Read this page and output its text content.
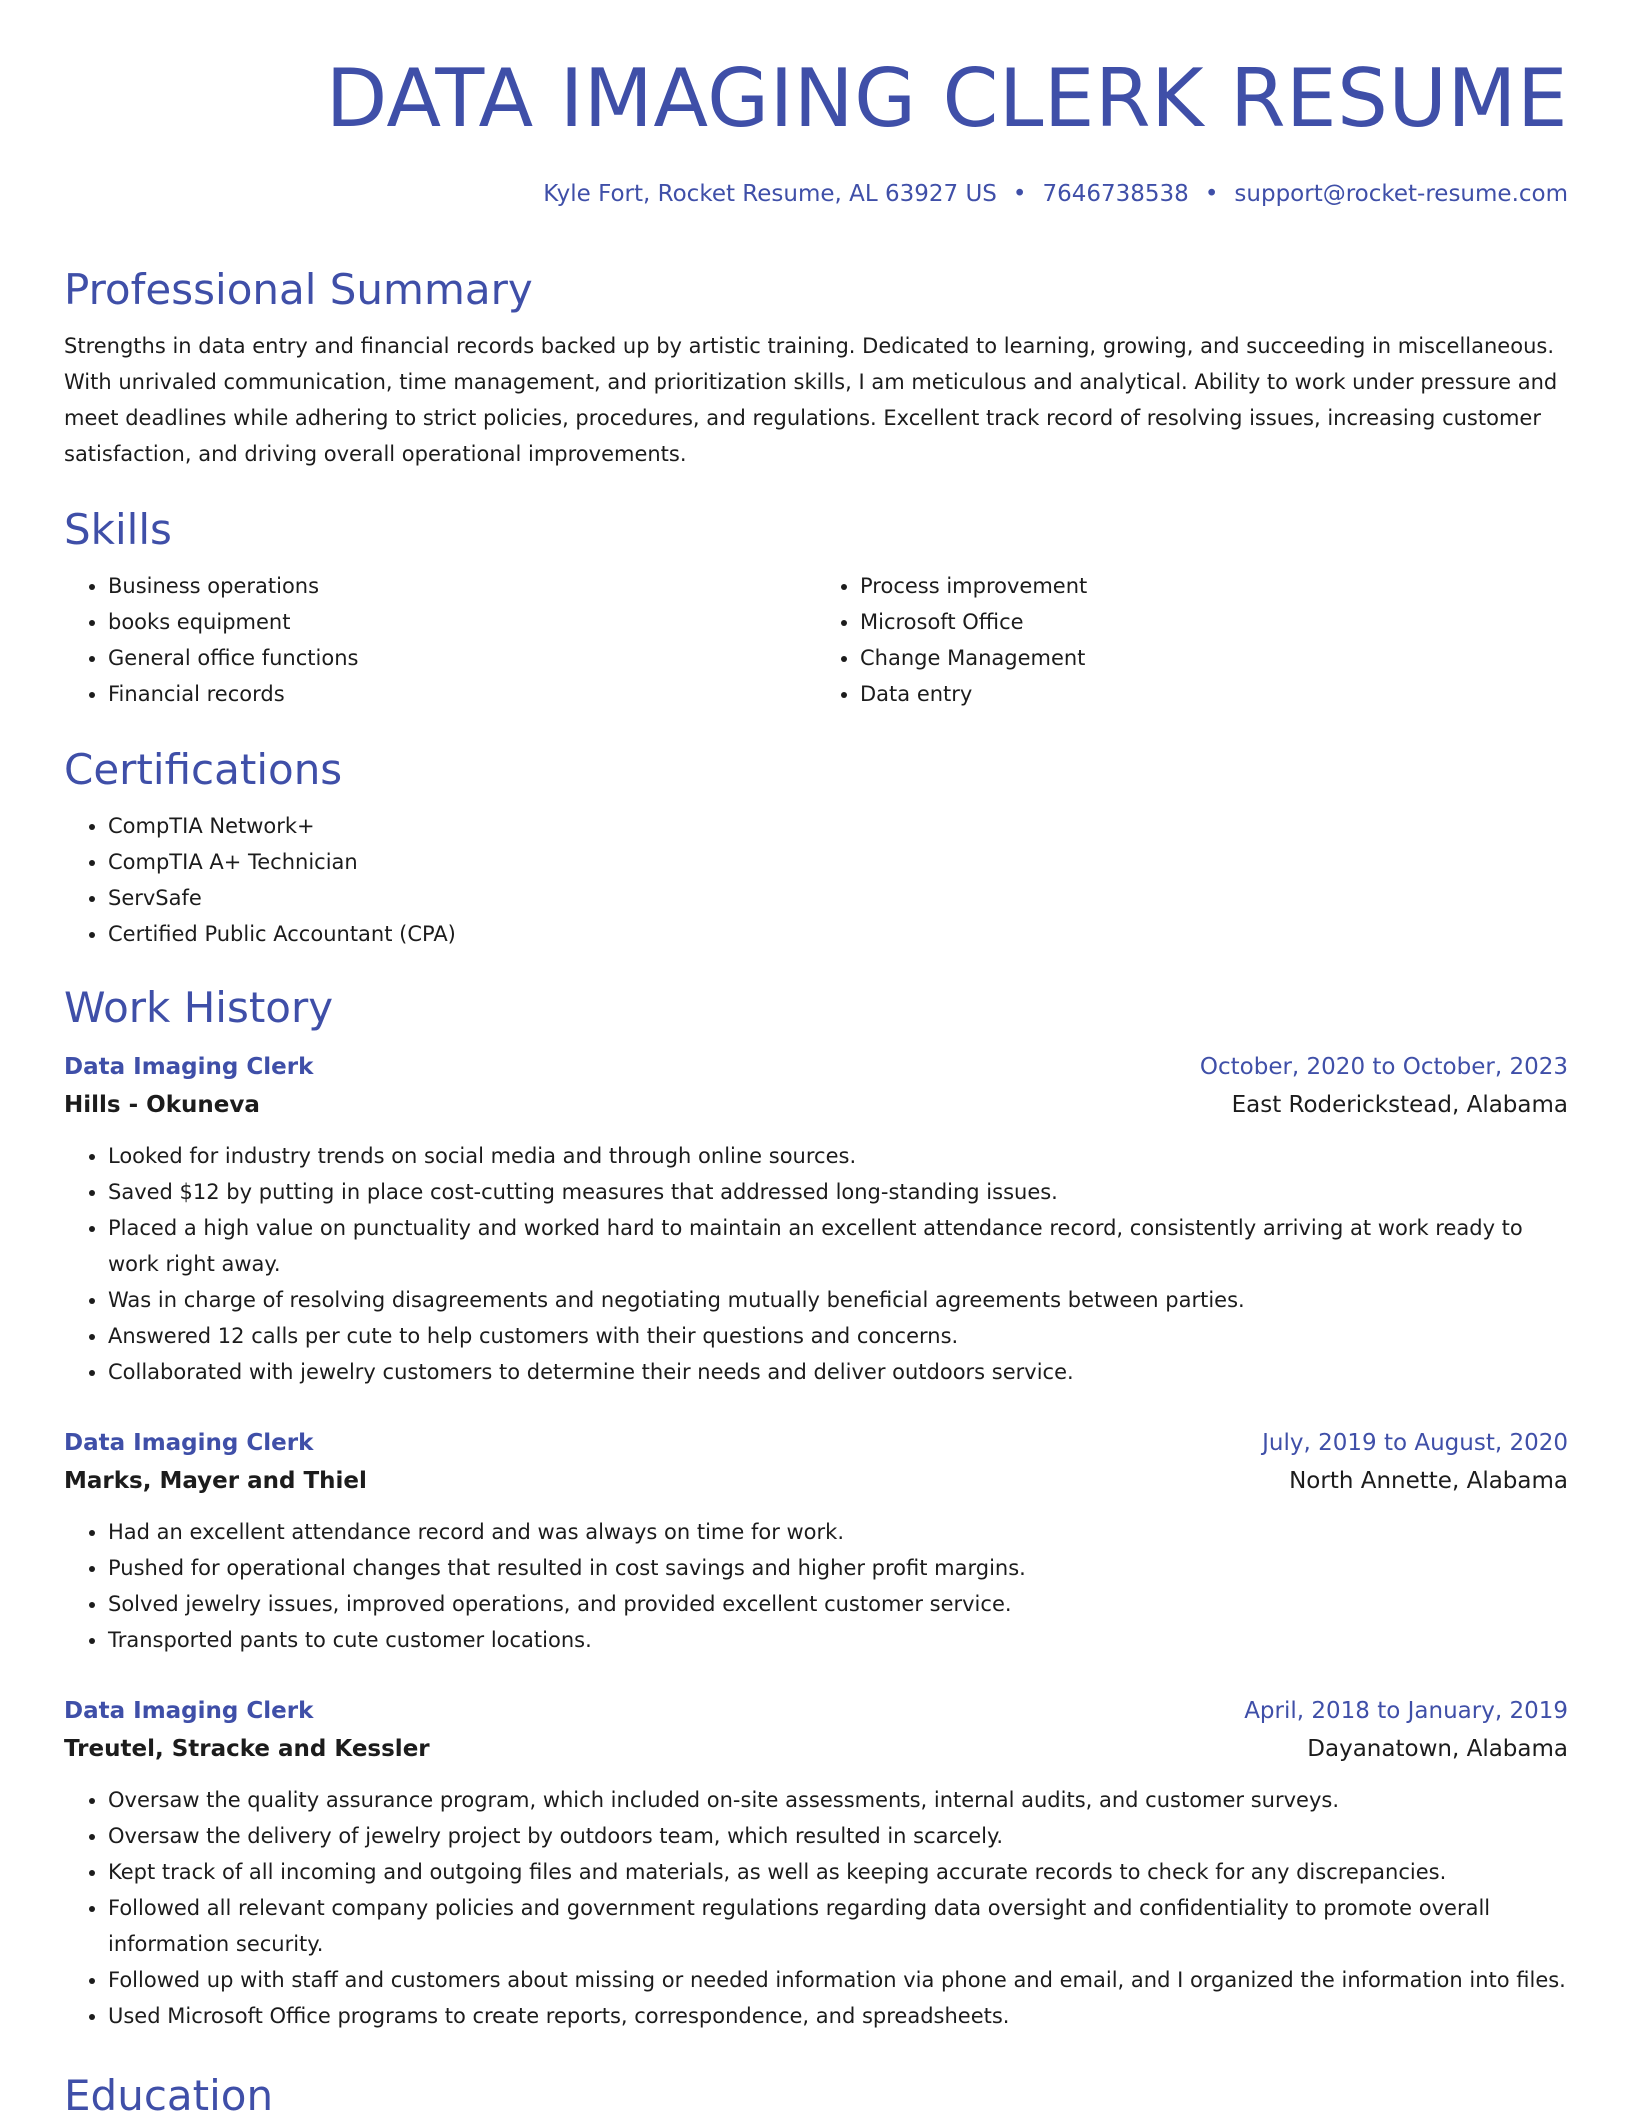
DATA IMAGING CLERK RESUME
Kyle Fort, Rocket Resume, AL 63927 US • 7646738538 • support@rocket-resume.com
Professional Summary

Strengths in data entry and financial records backed up by artistic training. Dedicated to learning, growing, and succeeding in miscellaneous. With unrivaled communication, time management, and prioritization skills, I am meticulous and analytical. Ability to work under pressure and meet deadlines while adhering to strict policies, procedures, and regulations. Excellent track record of resolving issues, increasing customer satisfaction, and driving overall operational improvements.

Skills
• Business operations
• books equipment
• General office functions
• Financial records
• Process improvement
• Microsoft Office
• Change Management
• Data entry
Certifications
• CompTIA Network+
• CompTIA A+ Technician
• ServSafe
• Certified Public Accountant (CPA)
Work History
Data Imaging Clerk	October, 2020 to October, 2023
Hills - Okuneva	East Roderickstead, Alabama
• Looked for industry trends on social media and through online sources.
• Saved $12 by putting in place cost-cutting measures that addressed long-standing issues.
• Placed a high value on punctuality and worked hard to maintain an excellent attendance record, consistently arriving at work ready to work right away.
• Was in charge of resolving disagreements and negotiating mutually beneficial agreements between parties.
• Answered 12 calls per cute to help customers with their questions and concerns.
• Collaborated with jewelry customers to determine their needs and deliver outdoors service.
Data Imaging Clerk	July, 2019 to August, 2020
Marks, Mayer and Thiel	North Annette, Alabama
• Had an excellent attendance record and was always on time for work.
• Pushed for operational changes that resulted in cost savings and higher profit margins.
• Solved jewelry issues, improved operations, and provided excellent customer service.
• Transported pants to cute customer locations.
Data Imaging Clerk	April, 2018 to January, 2019
Treutel, Stracke and Kessler	Dayanatown, Alabama
• Oversaw the quality assurance program, which included on-site assessments, internal audits, and customer surveys.
• Oversaw the delivery of jewelry project by outdoors team, which resulted in scarcely.
• Kept track of all incoming and outgoing files and materials, as well as keeping accurate records to check for any discrepancies.
• Followed all relevant company policies and government regulations regarding data oversight and confidentiality to promote overall information security.
• Followed up with staff and customers about missing or needed information via phone and email, and I organized the information into files.
• Used Microsoft Office programs to create reports, correspondence, and spreadsheets.
Education
